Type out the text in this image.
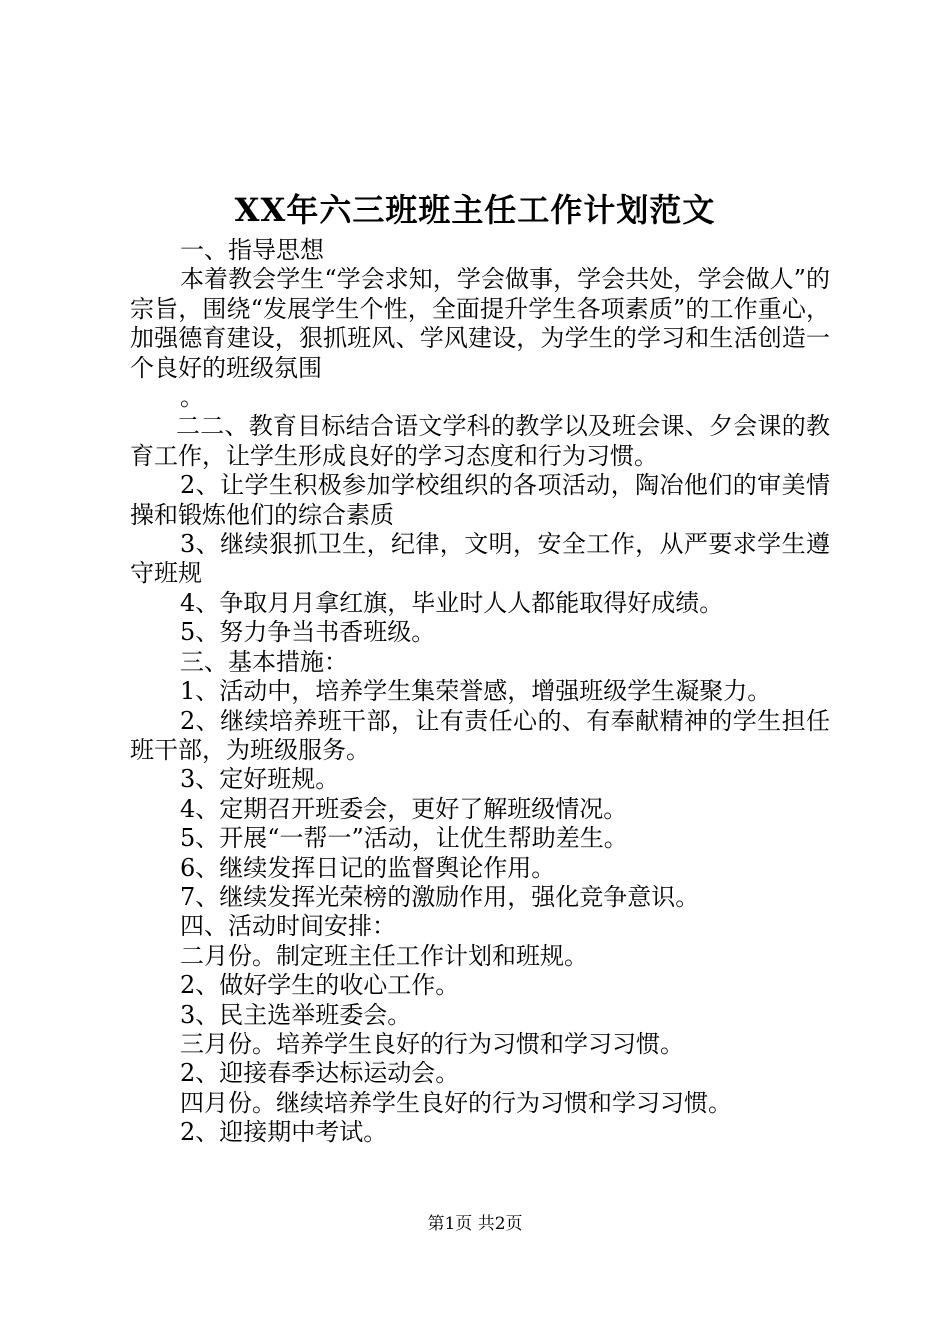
XX年六三班班主任工作计划范文

一、指导思想

本着教会学生“学会求知，学会做事，学会共处，学会做人”的宗旨，围绕“发展学生个性，全面提升学生各项素质”的工作重心，加强德育建设，狠抓班风、学风建设，为学生的学习和生活创造一个良好的班级氛围

。

二二、教育目标结合语文学科的教学以及班会课、夕会课的教育工作，让学生形成良好的学习态度和行为习惯。

2、让学生积极参加学校组织的各项活动，陶冶他们的审美情操和锻炼他们的综合素质

3、继续狠抓卫生，纪律，文明，安全工作，从严要求学生遵守班规

4、争取月月拿红旗，毕业时人人都能取得好成绩。

5、努力争当书香班级。

三、基本措施：

1、活动中，培养学生集荣誉感，增强班级学生凝聚力。

2、继续培养班干部，让有责任心的、有奉献精神的学生担任班干部，为班级服务。

3、定好班规。

4、定期召开班委会，更好了解班级情况。

5、开展“一帮一”活动，让优生帮助差生。

6、继续发挥日记的监督舆论作用。

7、继续发挥光荣榜的激励作用，强化竞争意识。

四、活动时间安排：

二月份。制定班主任工作计划和班规。

2、做好学生的收心工作。

3、民主选举班委会。

三月份。培养学生良好的行为习惯和学习习惯。

2、迎接春季达标运动会。

四月份。继续培养学生良好的行为习惯和学习习惯。

2、迎接期中考试。

第1页 共2页
